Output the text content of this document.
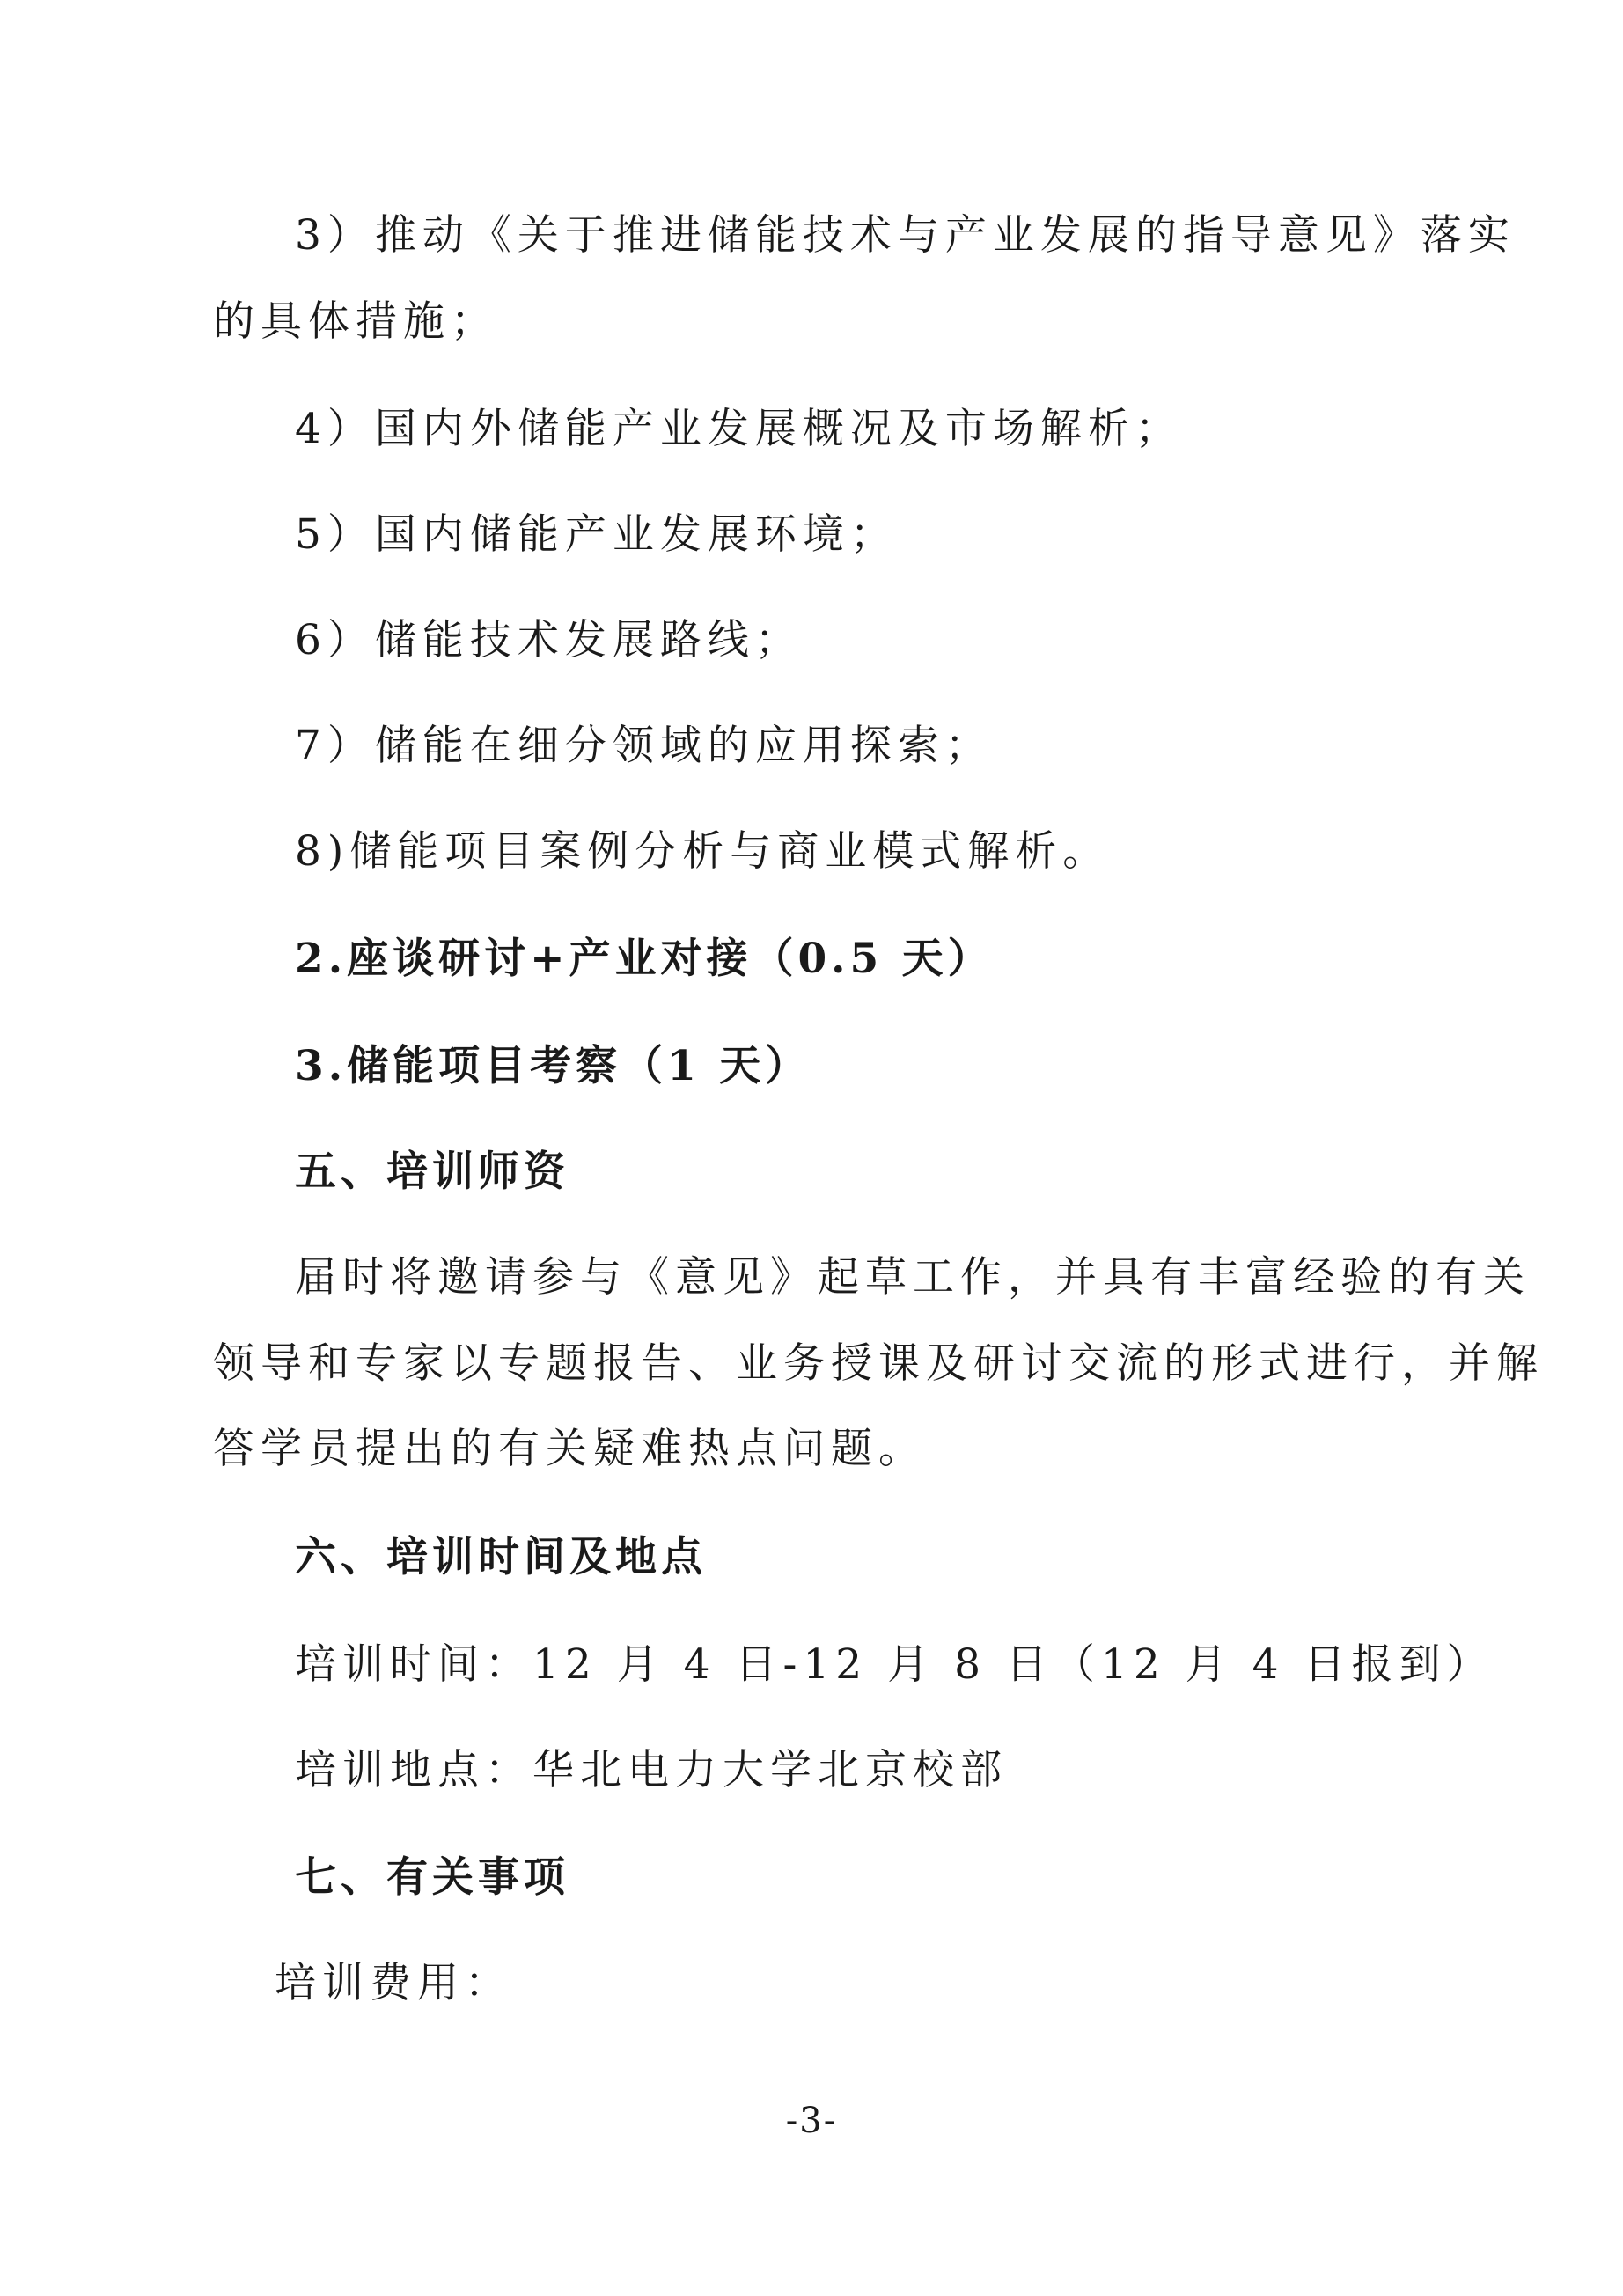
3）推动《关于推进储能技术与产业发展的指导意见》落实
的具体措施；
4）国内外储能产业发展概况及市场解析；
5）国内储能产业发展环境；
6）储能技术发展路线；
7）储能在细分领域的应用探索；
8)储能项目案例分析与商业模式解析。
2.座谈研讨+产业对接（0.5 天）
3.储能项目考察（1 天）
五、培训师资
届时将邀请参与《意见》起草工作，并具有丰富经验的有关
领导和专家以专题报告、业务授课及研讨交流的形式进行，并解
答学员提出的有关疑难热点问题。
六、培训时间及地点
培训时间：12 月 4 日-12 月 8 日（12 月 4 日报到）
培训地点：华北电力大学北京校部
七、有关事项
培训费用：
-3-
